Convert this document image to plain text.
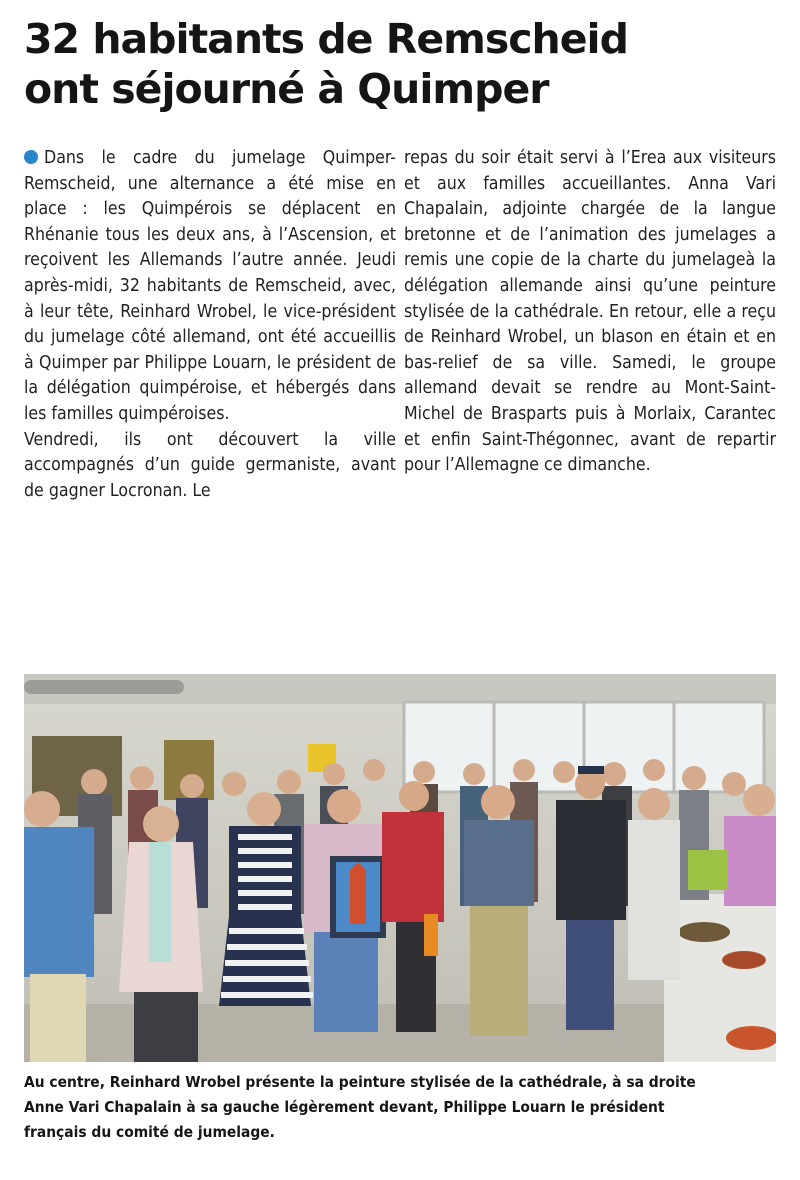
32 habitants de Remscheid
ont séjourné à Quimper

Dans le cadre du jumelage Quimper-Remscheid, une alternance a été mise en place : les Quimpérois se déplacent en Rhénanie tous les deux ans, à l’Ascension, et reçoivent les Allemands l’autre année. Jeudi après-midi, 32 habitants de Remscheid, avec, à leur tête, Reinhard Wrobel, le vice-président du jumelage côté allemand, ont été accueillis à Quimper par Philippe Louarn, le président de la délégation quimpéroise, et hébergés dans les familles quimpéroises.

Vendredi, ils ont découvert la ville accompagnés d’un guide germaniste, avant de gagner Locronan. Le

repas du soir était servi à l’Erea aux visiteurs et aux familles accueillantes. Anna Vari Chapalain, adjointe chargée de la langue bretonne et de l’animation des jumelages a remis une copie de la charte du jumelageà la délégation allemande ainsi qu’une peinture stylisée de la cathédrale. En retour, elle a reçu de Reinhard Wrobel, un blason en étain et en bas-relief de sa ville. Samedi, le groupe allemand devait se rendre au Mont-Saint-Michel de Brasparts puis à Morlaix, Carantec et enfin Saint-Thégonnec, avant de repartir pour l’Allemagne ce dimanche.

Au centre, Reinhard Wrobel présente la peinture stylisée de la cathédrale, à sa droite
Anne Vari Chapalain à sa gauche légèrement devant, Philippe Louarn le président
français du comité de jumelage.
